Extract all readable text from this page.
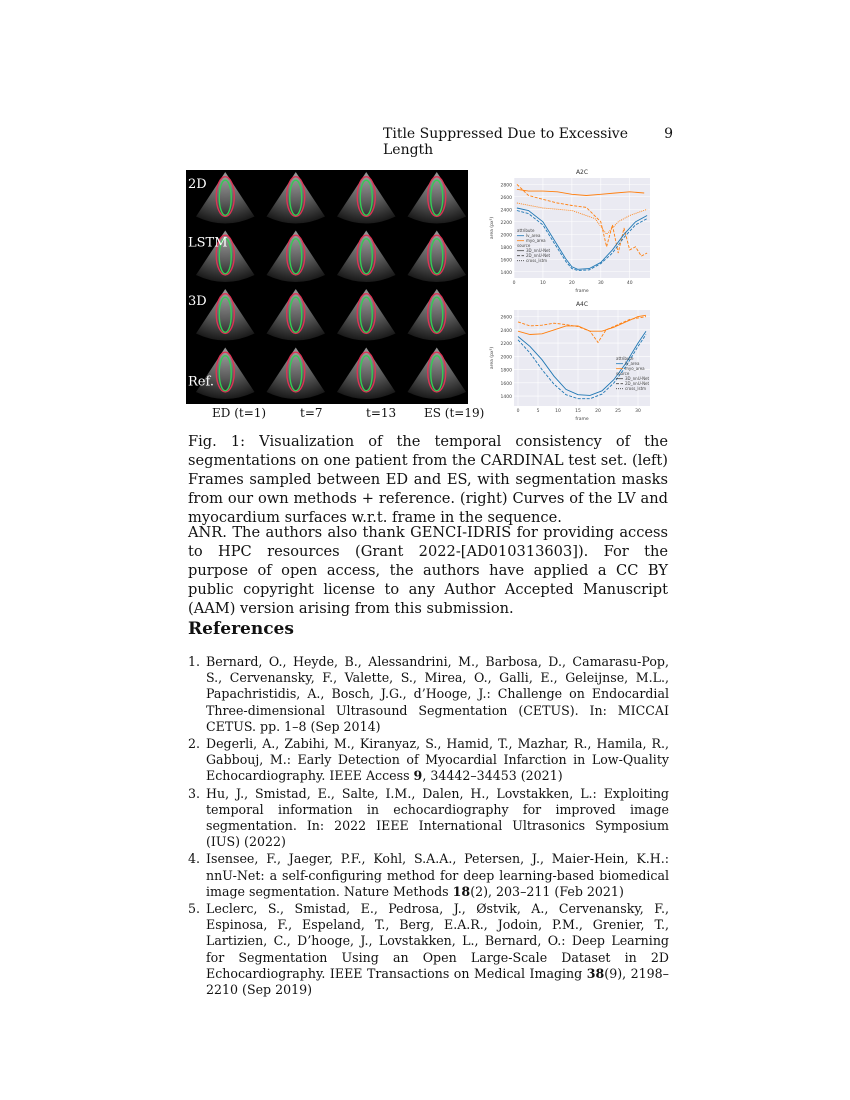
Title Suppressed Due to Excessive Length
9
2D
LSTM
3D
Ref.
ED (t=1)	t=7	t=13 ES (t=19)
A2C
1400
1600
1800
2000
2200
2400
2600
2800
0	10	20	30	40
frame
area (px²)	attribute
lv_area
myo_area
source
3D_nnU-Net
2D_nnU-Net
cross_lstm
A4C
1400
1600
1800
2000
2200
2400
2600
0	5	10	15	20	25	30
frame
area (px²)	attribute
lv_area
myo_area
source
3D_nnU-Net
2D_nnU-Net
cross_lstm
Fig. 1: Visualization of the temporal consistency of the segmentations on one patient from the CARDINAL test set. (left) Frames sampled between ED and ES, with segmentation masks from our own methods + reference. (right) Curves of the LV and myocardium surfaces w.r.t. frame in the sequence.
ANR. The authors also thank GENCI-IDRIS for providing access to HPC resources (Grant 2022-[AD010313603]). For the purpose of open access, the authors have applied a CC BY public copyright license to any Author Accepted Manuscript (AAM) version arising from this submission.
References
1. Bernard, O., Heyde, B., Alessandrini, M., Barbosa, D., Camarasu-Pop, S., Cervenansky, F., Valette, S., Mirea, O., Galli, E., Geleijnse, M.L., Papachristidis, A., Bosch, J.G., d’Hooge, J.: Challenge on Endocardial Three-dimensional Ultrasound Segmentation (CETUS). In: MICCAI CETUS. pp. 1–8 (Sep 2014)
2. Degerli, A., Zabihi, M., Kiranyaz, S., Hamid, T., Mazhar, R., Hamila, R., Gabbouj, M.: Early Detection of Myocardial Infarction in Low-Quality Echocardiography. IEEE Access 9, 34442–34453 (2021)
3. Hu, J., Smistad, E., Salte, I.M., Dalen, H., Lovstakken, L.: Exploiting temporal information in echocardiography for improved image segmentation. In: 2022 IEEE International Ultrasonics Symposium (IUS) (2022)
4. Isensee, F., Jaeger, P.F., Kohl, S.A.A., Petersen, J., Maier-Hein, K.H.: nnU-Net: a self-configuring method for deep learning-based biomedical image segmentation. Nature Methods 18(2), 203–211 (Feb 2021)
5. Leclerc, S., Smistad, E., Pedrosa, J., Østvik, A., Cervenansky, F., Espinosa, F., Espeland, T., Berg, E.A.R., Jodoin, P.M., Grenier, T., Lartizien, C., D’hooge, J., Lovstakken, L., Bernard, O.: Deep Learning for Segmentation Using an Open Large-Scale Dataset in 2D Echocardiography. IEEE Transactions on Medical Imaging 38(9), 2198–2210 (Sep 2019)
